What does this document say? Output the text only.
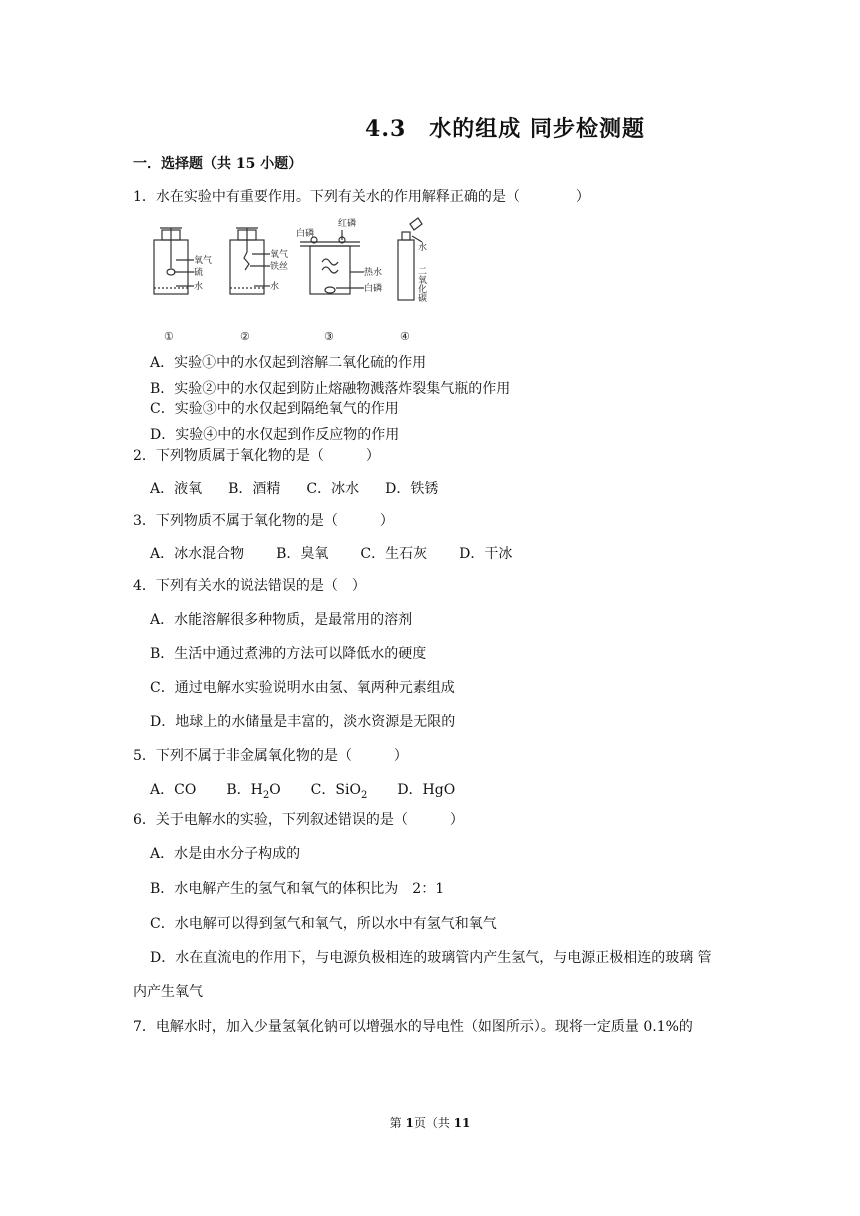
4.3　水的组成 同步检测题
一．选择题（共 15 小题）
1．水在实验中有重要作用。下列有关水的作用解释正确的是（　　　　）
氧气
硫
水
氧气
铁丝
水
白磷
红磷
热水
白磷
水
二氧化碳
①	②	③	④
A．实验①中的水仅起到溶解二氧化硫的作用
B．实验②中的水仅起到防止熔融物溅落炸裂集气瓶的作用
C．实验③中的水仅起到隔绝氧气的作用
D．实验④中的水仅起到作反应物的作用
2．下列物质属于氧化物的是（　　　）
A．液氧 B．酒精 C．冰水 D．铁锈
3．下列物质不属于氧化物的是（　　　）
A．冰水混合物 B．臭氧 C．生石灰 D．干冰
4．下列有关水的说法错误的是（　）
A．水能溶解很多种物质，是最常用的溶剂
B．生活中通过煮沸的方法可以降低水的硬度
C．通过电解水实验说明水由氢、氧两种元素组成
D．地球上的水储量是丰富的，淡水资源是无限的
5．下列不属于非金属氧化物的是（　　　）
A．CO B．$H_2O$ C．SiO$_2$ D．HgO
6．关于电解水的实验，下列叙述错误的是（　　　）
A．水是由水分子构成的
B．水电解产生的氢气和氧气的体积比为　2：1
C．水电解可以得到氢气和氧气，所以水中有氢气和氧气
D．水在直流电的作用下，与电源负极相连的玻璃管内产生氢气，与电源正极相连的玻璃 管
内产生氧气
7．电解水时，加入少量氢氧化钠可以增强水的导电性（如图所示）。现将一定质量 0.1%的
第 1页（共 11
